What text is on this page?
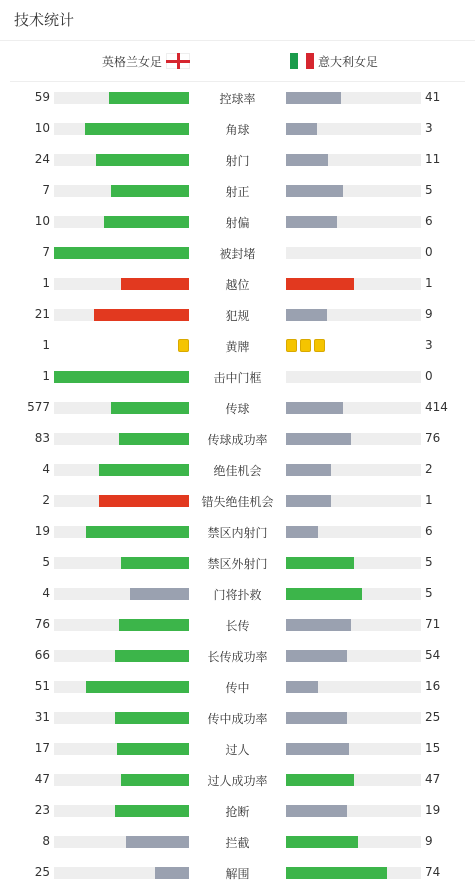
技术统计
英格兰女足	意大利女足
59	控球率	41
10	角球	3
24	射门	11
7	射正	5
10	射偏	6
7	被封堵	0
1	越位	1
21	犯规	9
1	黄牌	3
1	击中门框	0
577	传球	414
83	传球成功率	76
4	绝佳机会	2
2	错失绝佳机会	1
19	禁区内射门	6
5	禁区外射门	5
4	门将扑救	5
76	长传	71
66	长传成功率	54
51	传中	16
31	传中成功率	25
17	过人	15
47	过人成功率	47
23	抢断	19
8	拦截	9
25	解围	74
